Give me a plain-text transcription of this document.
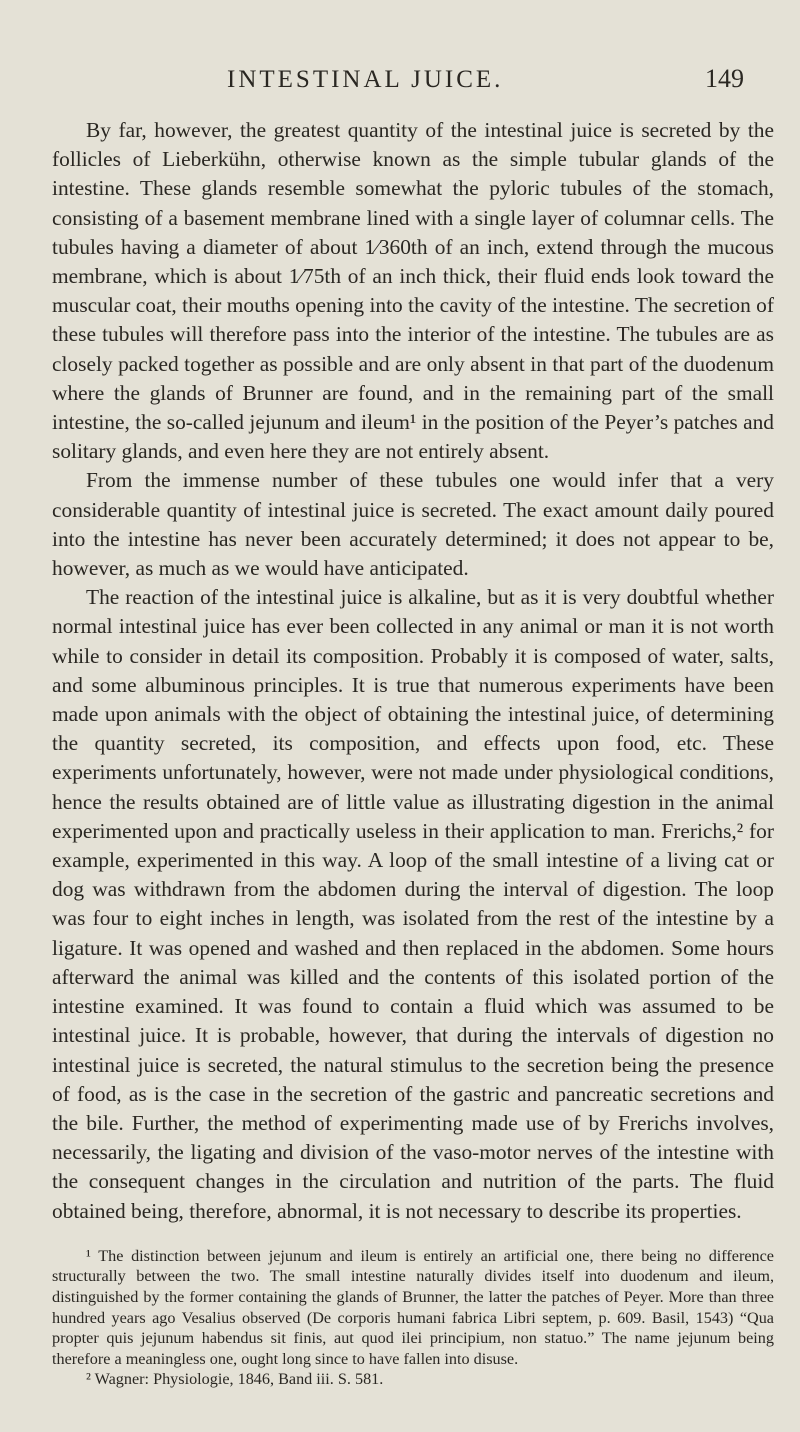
INTESTINAL JUICE.	149

By far, however, the greatest quantity of the intestinal juice is secreted by the follicles of Lieberkühn, otherwise known as the simple tubular glands of the intestine. These glands resemble somewhat the pyloric tubules of the stomach, consisting of a basement membrane lined with a single layer of columnar cells. The tubules having a diameter of about 1⁄360th of an inch, extend through the mucous membrane, which is about 1⁄75th of an inch thick, their fluid ends look toward the muscular coat, their mouths opening into the cavity of the intestine. The secretion of these tubules will therefore pass into the interior of the intestine. The tubules are as closely packed together as possible and are only absent in that part of the duodenum where the glands of Brunner are found, and in the remaining part of the small intestine, the so-called jejunum and ileum¹ in the position of the Peyer’s patches and solitary glands, and even here they are not entirely absent.

From the immense number of these tubules one would infer that a very considerable quantity of intestinal juice is secreted. The exact amount daily poured into the intestine has never been accurately determined; it does not appear to be, however, as much as we would have anticipated.

The reaction of the intestinal juice is alkaline, but as it is very doubtful whether normal intestinal juice has ever been collected in any animal or man it is not worth while to consider in detail its composition. Probably it is composed of water, salts, and some albuminous principles. It is true that numerous experiments have been made upon animals with the object of obtaining the intestinal juice, of determining the quantity secreted, its composition, and effects upon food, etc. These experiments unfortunately, however, were not made under physiological conditions, hence the results obtained are of little value as illustrating digestion in the animal experimented upon and practically useless in their application to man. Frerichs,² for example, experimented in this way. A loop of the small intestine of a living cat or dog was withdrawn from the abdomen during the interval of digestion. The loop was four to eight inches in length, was isolated from the rest of the intestine by a ligature. It was opened and washed and then replaced in the abdomen. Some hours afterward the animal was killed and the contents of this isolated portion of the intestine examined. It was found to contain a fluid which was assumed to be intestinal juice. It is probable, however, that during the intervals of digestion no intestinal juice is secreted, the natural stimulus to the secretion being the presence of food, as is the case in the secretion of the gastric and pancreatic secretions and the bile. Further, the method of experimenting made use of by Frerichs involves, necessarily, the ligating and division of the vaso-motor nerves of the intestine with the consequent changes in the circulation and nutrition of the parts. The fluid obtained being, therefore, abnormal, it is not necessary to describe its properties.

¹ The distinction between jejunum and ileum is entirely an artificial one, there being no difference structurally between the two. The small intestine naturally divides itself into duodenum and ileum, distinguished by the former containing the glands of Brunner, the latter the patches of Peyer. More than three hundred years ago Vesalius observed (De corporis humani fabrica Libri septem, p. 609. Basil, 1543) “Qua propter quis jejunum habendus sit finis, aut quod ilei principium, non statuo.” The name jejunum being therefore a meaningless one, ought long since to have fallen into disuse.

² Wagner: Physiologie, 1846, Band iii. S. 581.
